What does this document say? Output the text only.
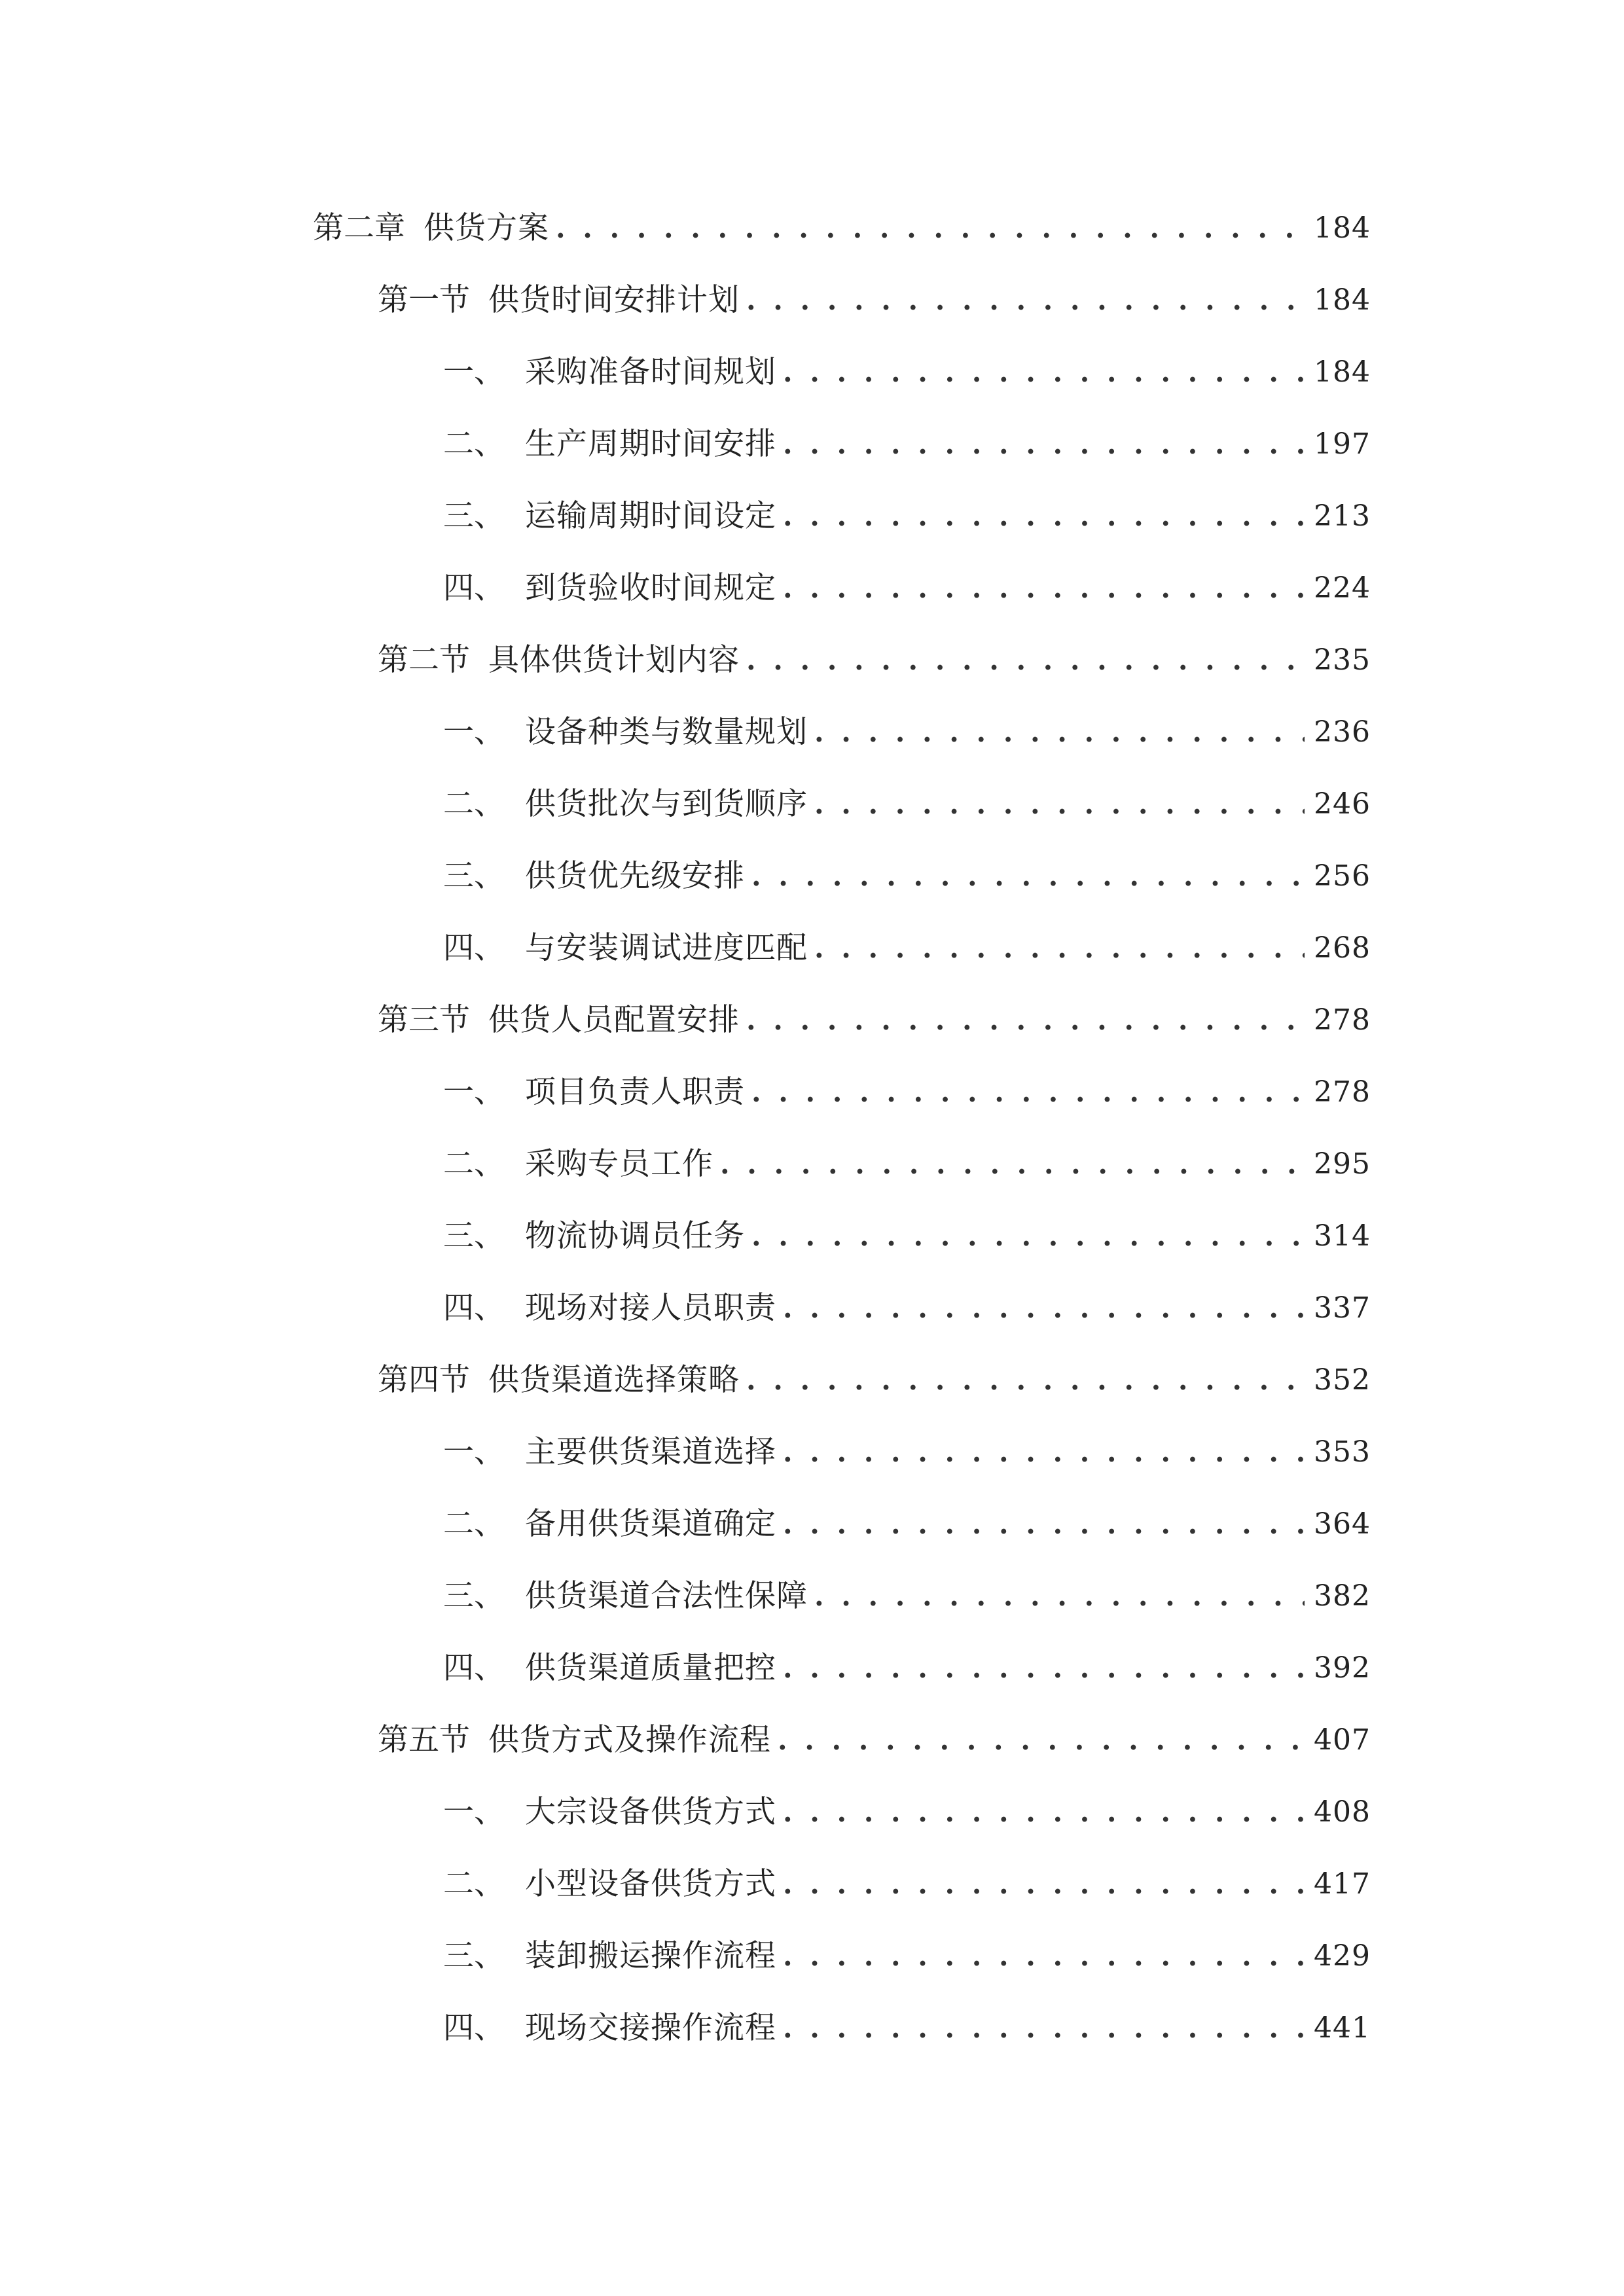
第二章 供货方案 . . .	184
第一节 供货时间安排计划 . . .	184
一、 采购准备时间规划 . . .	184
二、 生产周期时间安排 . . .	197
三、 运输周期时间设定 . . .	213
四、 到货验收时间规定 . . .	224
第二节 具体供货计划内容 . . .	235
一、 设备种类与数量规划 . . .	236
二、 供货批次与到货顺序 . . .	246
三、 供货优先级安排 . . .	256
四、 与安装调试进度匹配 . . .	268
第三节 供货人员配置安排 . . .	278
一、 项目负责人职责 . . .	278
二、 采购专员工作 . . .	295
三、 物流协调员任务 . . .	314
四、 现场对接人员职责 . . .	337
第四节 供货渠道选择策略 . . .	352
一、 主要供货渠道选择 . . .	353
二、 备用供货渠道确定 . . .	364
三、 供货渠道合法性保障 . . .	382
四、 供货渠道质量把控 . . .	392
第五节 供货方式及操作流程 . . .	407
一、 大宗设备供货方式 . . .	408
二、 小型设备供货方式 . . .	417
三、 装卸搬运操作流程 . . .	429
四、 现场交接操作流程 . . .	441
